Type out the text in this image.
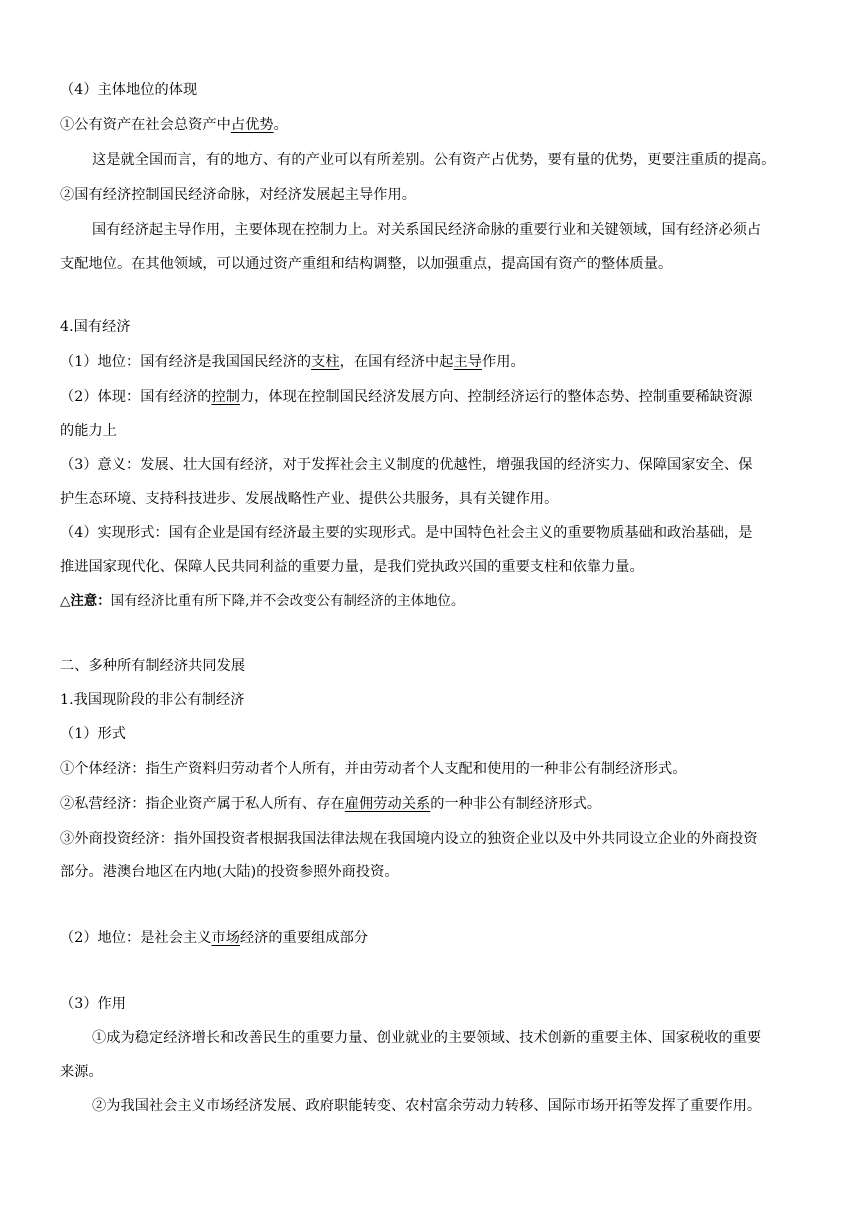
（4）主体地位的体现
①公有资产在社会总资产中占优势。
这是就全国而言，有的地方、有的产业可以有所差别。公有资产占优势，要有量的优势，更要注重质的提高。
②国有经济控制国民经济命脉，对经济发展起主导作用。
国有经济起主导作用，主要体现在控制力上。对关系国民经济命脉的重要行业和关键领域，国有经济必须占
支配地位。在其他领域，可以通过资产重组和结构调整，以加强重点，提高国有资产的整体质量。
4.国有经济
（1）地位：国有经济是我国国民经济的支柱，在国有经济中起主导作用。
（2）体现：国有经济的控制力，体现在控制国民经济发展方向、控制经济运行的整体态势、控制重要稀缺资源
的能力上
（3）意义：发展、壮大国有经济，对于发挥社会主义制度的优越性，增强我国的经济实力、保障国家安全、保
护生态环境、支持科技进步、发展战略性产业、提供公共服务，具有关键作用。
（4）实现形式：国有企业是国有经济最主要的实现形式。是中国特色社会主义的重要物质基础和政治基础，是
推进国家现代化、保障人民共同利益的重要力量，是我们党执政兴国的重要支柱和依靠力量。
△注意：国有经济比重有所下降,并不会改变公有制经济的主体地位。
二、多种所有制经济共同发展
1.我国现阶段的非公有制经济
（1）形式
①个体经济：指生产资料归劳动者个人所有，并由劳动者个人支配和使用的一种非公有制经济形式。
②私营经济：指企业资产属于私人所有、存在雇佣劳动关系的一种非公有制经济形式。
③外商投资经济：指外国投资者根据我国法律法规在我国境内设立的独资企业以及中外共同设立企业的外商投资
部分。港澳台地区在内地(大陆)的投资参照外商投资。
（2）地位：是社会主义市场经济的重要组成部分
（3）作用
①成为稳定经济增长和改善民生的重要力量、创业就业的主要领域、技术创新的重要主体、国家税收的重要
来源。
②为我国社会主义市场经济发展、政府职能转变、农村富余劳动力转移、国际市场开拓等发挥了重要作用。
